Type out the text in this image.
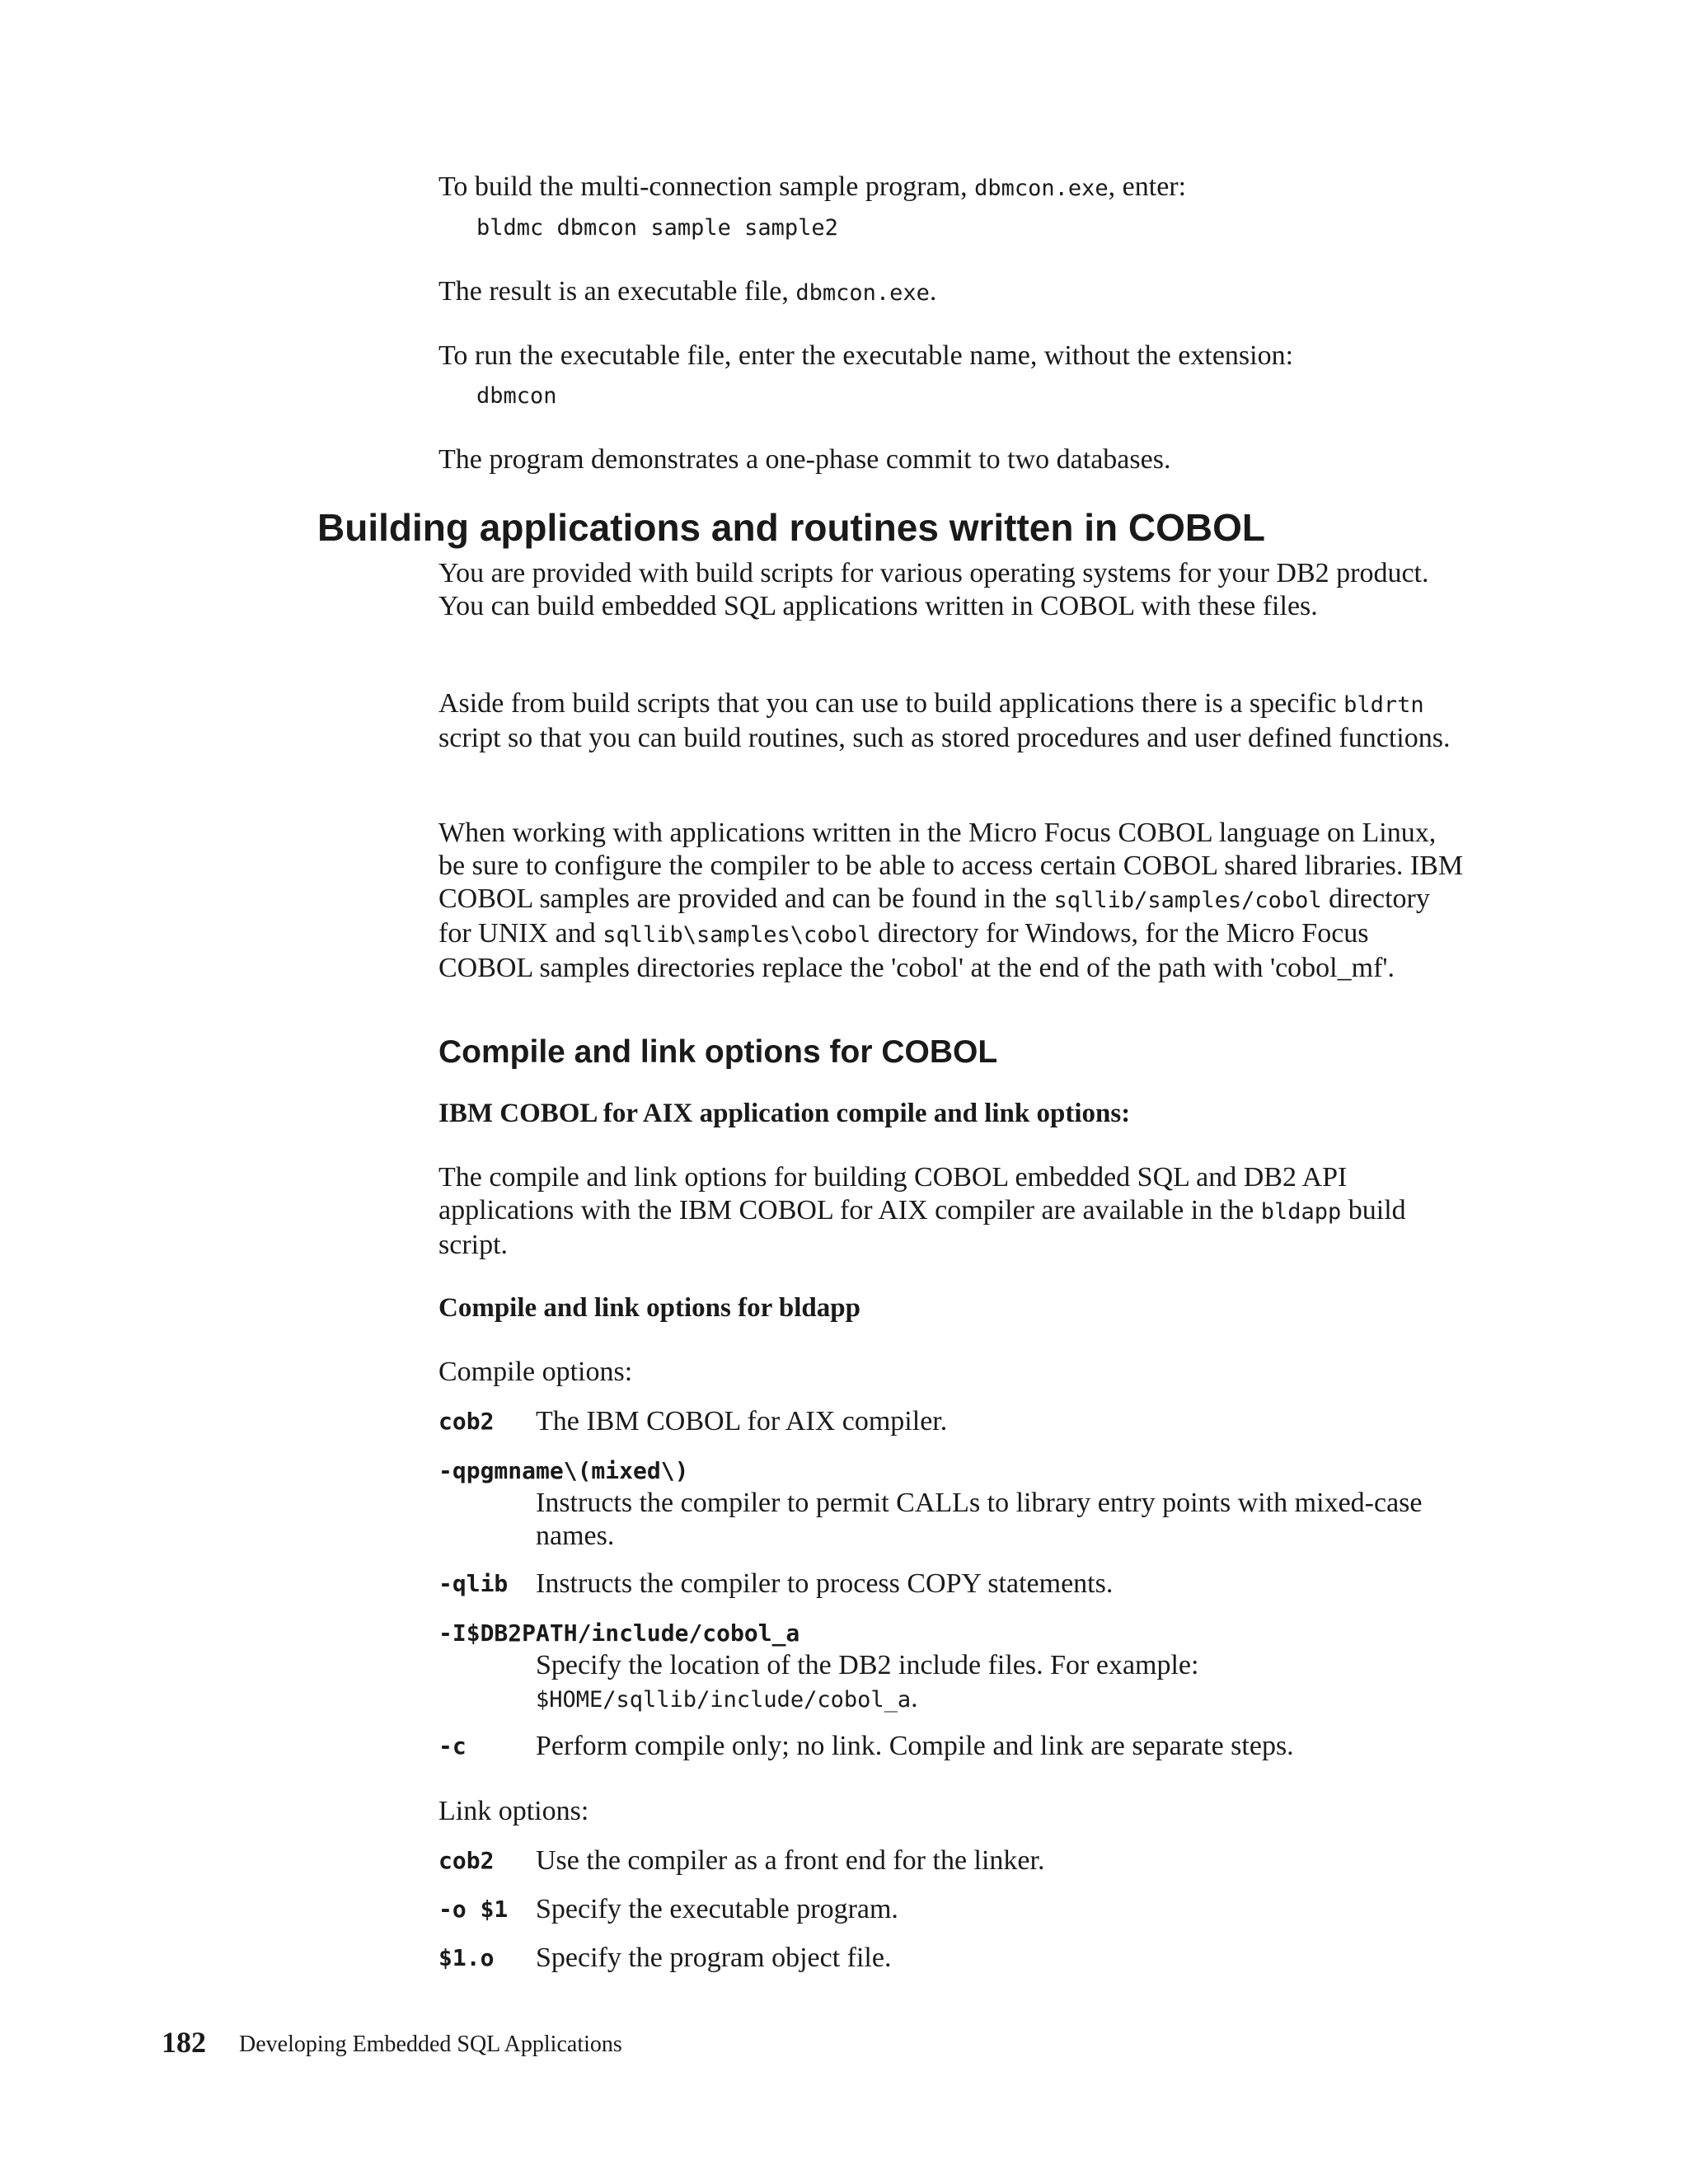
To build the multi-connection sample program, dbmcon.exe, enter:

bldmc dbmcon sample sample2

The result is an executable file, dbmcon.exe.

To run the executable file, enter the executable name, without the extension:

dbmcon

The program demonstrates a one-phase commit to two databases.

Building applications and routines written in COBOL

You are provided with build scripts for various operating systems for your DB2 product. You can build embedded SQL applications written in COBOL with these files.

Aside from build scripts that you can use to build applications there is a specific bldrtn script so that you can build routines, such as stored procedures and user defined functions.

When working with applications written in the Micro Focus COBOL language on Linux, be sure to configure the compiler to be able to access certain COBOL shared libraries. IBM COBOL samples are provided and can be found in the sqllib/samples/cobol directory for UNIX and sqllib\samples\cobol directory for Windows, for the Micro Focus COBOL samples directories replace the 'cobol' at the end of the path with 'cobol_mf'.

Compile and link options for COBOL
IBM COBOL for AIX application compile and link options:

The compile and link options for building COBOL embedded SQL and DB2 API applications with the IBM COBOL for AIX compiler are available in the bldapp build script.

Compile and link options for bldapp

Compile options:

cob2 The IBM COBOL for AIX compiler.

-qpgmname\(mixed\)

Instructs the compiler to permit CALLs to library entry points with mixed-case names.

-qlib Instructs the compiler to process COPY statements.

-I$DB2PATH/include/cobol_a

Specify the location of the DB2 include files. For example:
$HOME/sqllib/include/cobol_a.

-c Perform compile only; no link. Compile and link are separate steps.

Link options:

cob2 Use the compiler as a front end for the linker.

-o $1 Specify the executable program.

$1.o Specify the program object file.

182 Developing Embedded SQL Applications
